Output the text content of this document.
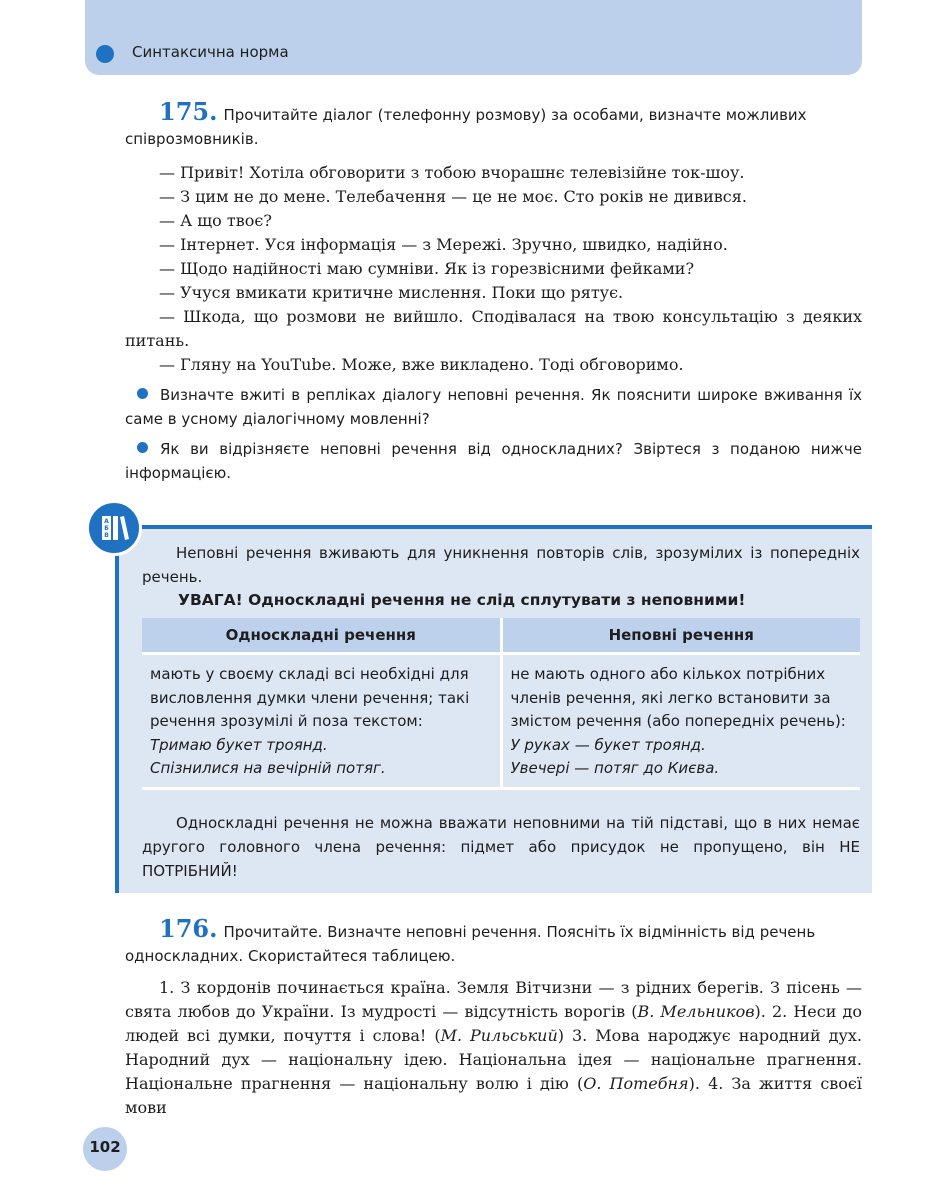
Синтаксична норма
175. Прочитайте діалог (телефонну розмову) за особами, визначте можливих співрозмовників.
— Привіт! Хотіла обговорити з тобою вчорашнє телевізійне ток-шоу.
— З цим не до мене. Телебачення — це не моє. Сто років не дивився.
— А що твоє?
— Інтернет. Уся інформація — з Мережі. Зручно, швидко, надійно.
— Щодо надійності маю сумніви. Як із горезвісними фейками?
— Учуся вмикати критичне мислення. Поки що рятує.
— Шкода, що розмови не вийшло. Сподівалася на твою консультацію з деяких питань.
— Гляну на YouTube. Може, вже викладено. Тоді обговоримо.
Визначте вжиті в репліках діалогу неповні речення. Як пояснити широке вживання їх саме в усному діалогічному мовленні?
Як ви відрізняєте неповні речення від односкладних? Звіртеся з поданою нижче інформацією.
А
Б
В
Неповні речення вживають для уникнення повторів слів, зрозумілих із попередніх речень.
УВАГА! Односкладні речення не слід сплутувати з неповними!
Односкладні речення	Неповні речення
мають у своєму складі всі необхідні для висловлення думки члени речення; такі речення зрозумілі й поза текстом:
Тримаю букет троянд.
Спізнилися на вечірній потяг.	не мають одного або кількох потрібних членів речення, які легко встановити за змістом речення (або попередніх речень):
У руках — букет троянд.
Увечері — потяг до Києва.
Односкладні речення не можна вважати неповними на тій підставі, що в них немає другого головного члена речення: підмет або присудок не пропущено, він НЕ ПОТРІБНИЙ!
176. Прочитайте. Визначте неповні речення. Поясніть їх відмінність від речень односкладних. Скористайтеся таблицею.
1. З кордонів починається країна. Земля Вітчизни — з рідних берегів. З пісень — свята любов до України. Із мудрості — відсутність ворогів (В. Мельников). 2. Неси до людей всі думки, почуття і слова! (М. Рильський) 3. Мова народжує народний дух. Народний дух — національну ідею. Національна ідея — національне прагнення. Національне прагнення — національну волю і дію (О. Потебня). 4. За життя своєї мови
102
